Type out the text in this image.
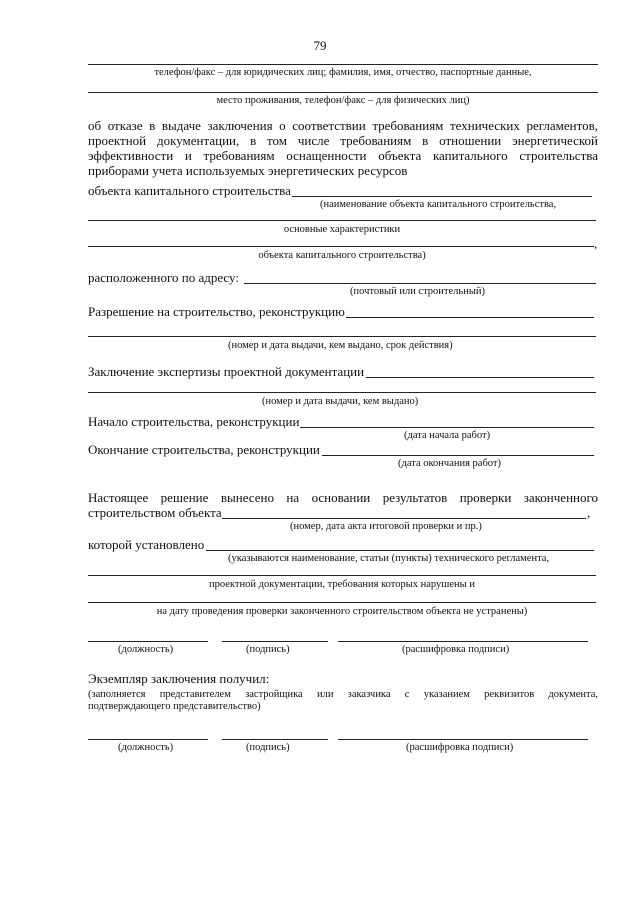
79
телефон/факс – для юридических лиц; фамилия, имя, отчество, паспортные данные,
место проживания, телефон/факс – для физических лиц)
об отказе в выдаче заключения о соответствии требованиям технических регламентов,
проектной документации, в том числе требованиям в отношении энергетической
эффективности и требованиям оснащенности объекта капитального строительства
приборами учета используемых энергетических ресурсов
объекта капитального строительства
(наименование объекта капитального строительства,
основные характеристики
,
объекта капитального строительства)
расположенного по адресу:
(почтовый или строительный)
Разрешение на строительство, реконструкцию
(номер и дата выдачи, кем выдано, срок действия)
Заключение экспертизы проектной документации
(номер и дата выдачи, кем выдано)
Начало строительства, реконструкции
(дата начала работ)
Окончание строительства, реконструкции
(дата окончания работ)
Настоящее решение вынесено на основании результатов проверки законченного
строительством объекта	,
(номер, дата акта итоговой проверки и пр.)
которой установлено
(указываются наименование, статьи (пункты) технического регламента,
проектной документации, требования которых нарушены и
на дату проведения проверки законченного строительством объекта не устранены)
(должность)	(подпись)	(расшифровка подписи)
Экземпляр заключения получил:
(заполняется представителем застройщика или заказчика с указанием реквизитов документа,
подтверждающего представительство)
(должность)	(подпись)	(расшифровка подписи)
